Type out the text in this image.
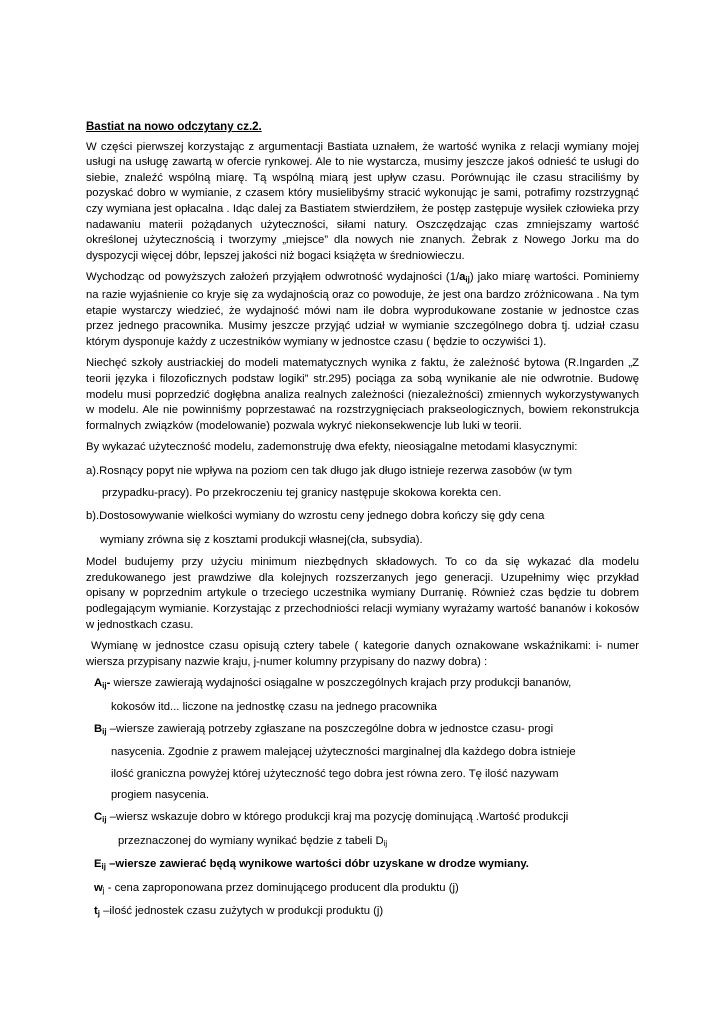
Bastiat na nowo odczytany cz.2.

W części pierwszej korzystając z argumentacji Bastiata uznałem, że wartość wynika z relacji wymiany mojej usługi na usługę zawartą w ofercie rynkowej. Ale to nie wystarcza, musimy jeszcze jakoś odnieść te usługi do siebie, znaleźć wspólną miarę. Tą wspólną miarą jest upływ czasu. Porównując ile czasu straciliśmy by pozyskać dobro w wymianie, z czasem który musielibyśmy stracić wykonując je sami, potrafimy rozstrzygnąć czy wymiana jest opłacalna . Idąc dalej za Bastiatem stwierdziłem, że postęp zastępuje wysiłek człowieka przy nadawaniu materii pożądanych użyteczności, siłami natury. Oszczędzając czas zmniejszamy wartość określonej użytecznością i tworzymy „miejsce” dla nowych nie znanych. Żebrak z Nowego Jorku ma do dyspozycji więcej dóbr, lepszej jakości niż bogaci książęta w średniowieczu.

Wychodząc od powyższych założeń przyjąłem odwrotność wydajności (1/aij) jako miarę wartości. Pominiemy na razie wyjaśnienie co kryje się za wydajnością oraz co powoduje, że jest ona bardzo zróżnicowana . Na tym etapie wystarczy wiedzieć, że wydajność mówi nam ile dobra wyprodukowane zostanie w jednostce czas przez jednego pracownika. Musimy jeszcze przyjąć udział w wymianie szczególnego dobra tj. udział czasu którym dysponuje każdy z uczestników wymiany w jednostce czasu ( będzie to oczywiści 1).

Niechęć szkoły austriackiej do modeli matematycznych wynika z faktu, że zależność bytowa (R.Ingarden „Z teorii języka i filozoficznych podstaw logiki” str.295) pociąga za sobą wynikanie ale nie odwrotnie. Budowę modelu musi poprzedzić dogłębna analiza realnych zależności (niezależności) zmiennych wykorzystywanych w modelu. Ale nie powinniśmy poprzestawać na rozstrzygnięciach prakseologicznych, bowiem rekonstrukcja formalnych związków (modelowanie) pozwala wykryć niekonsekwencje lub luki w teorii.

By wykazać użyteczność modelu, zademonstruję dwa efekty, nieosiągalne metodami klasycznymi:

a).Rosnący popyt nie wpływa na poziom cen tak długo jak długo istnieje rezerwa zasobów (w tym

przypadku-pracy). Po przekroczeniu tej granicy następuje skokowa korekta cen.

b).Dostosowywanie wielkości wymiany do wzrostu ceny jednego dobra kończy się gdy cena

wymiany zrówna się z kosztami produkcji własnej(cła, subsydia).

Model budujemy przy użyciu minimum niezbędnych składowych. To co da się wykazać dla modelu zredukowanego jest prawdziwe dla kolejnych rozszerzanych jego generacji. Uzupełnimy więc przykład opisany w poprzednim artykule o trzeciego uczestnika wymiany Durranię. Również czas będzie tu dobrem podlegającym wymianie. Korzystając z przechodniości relacji wymiany wyrażamy wartość bananów i kokosów w jednostkach czasu.

Wymianę w jednostce czasu opisują cztery tabele ( kategorie danych oznakowane wskaźnikami: i- numer wiersza przypisany nazwie kraju, j-numer kolumny przypisany do nazwy dobra) :

Aij- wiersze zawierają wydajności osiągalne w poszczególnych krajach przy produkcji bananów,
kokosów itd... liczone na jednostkę czasu na jednego pracownika
Bij –wiersze zawierają potrzeby zgłaszane na poszczególne dobra w jednostce czasu- progi
nasycenia. Zgodnie z prawem malejącej użyteczności marginalnej dla każdego dobra istnieje
ilość graniczna powyżej której użyteczność tego dobra jest równa zero. Tę ilość nazywam
progiem nasycenia.
Cij –wiersz wskazuje dobro w którego produkcji kraj ma pozycję dominującą .Wartość produkcji
przeznaczonej do wymiany wynikać będzie z tabeli Dij
Eij –wiersze zawierać będą wynikowe wartości dóbr uzyskane w drodze wymiany.
wj - cena zaproponowana przez dominującego producent dla produktu (j)
tj –ilość jednostek czasu zużytych w produkcji produktu (j)
